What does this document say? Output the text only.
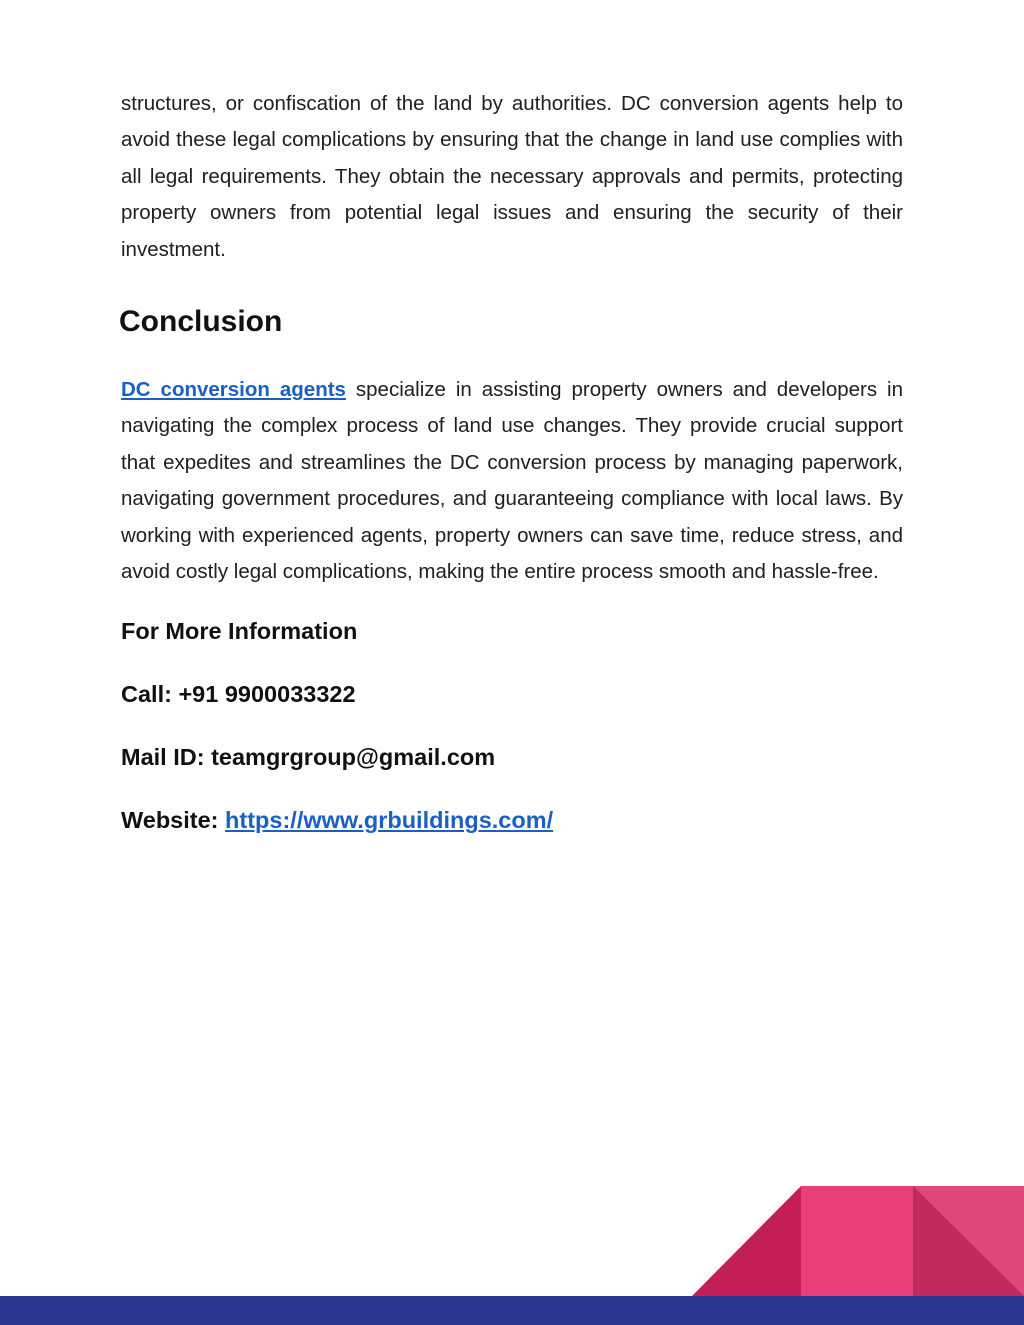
structures, or confiscation of the land by authorities. DC conversion agents help to avoid these legal complications by ensuring that the change in land use complies with all legal requirements. They obtain the necessary approvals and permits, protecting property owners from potential legal issues and ensuring the security of their investment.

Conclusion

DC conversion agents specialize in assisting property owners and developers in navigating the complex process of land use changes. They provide crucial support that expedites and streamlines the DC conversion process by managing paperwork, navigating government procedures, and guaranteeing compliance with local laws. By working with experienced agents, property owners can save time, reduce stress, and avoid costly legal complications, making the entire process smooth and hassle-free.

For More Information

Call: +91 9900033322

Mail ID: teamgrgroup@gmail.com

Website: https://www.grbuildings.com/
